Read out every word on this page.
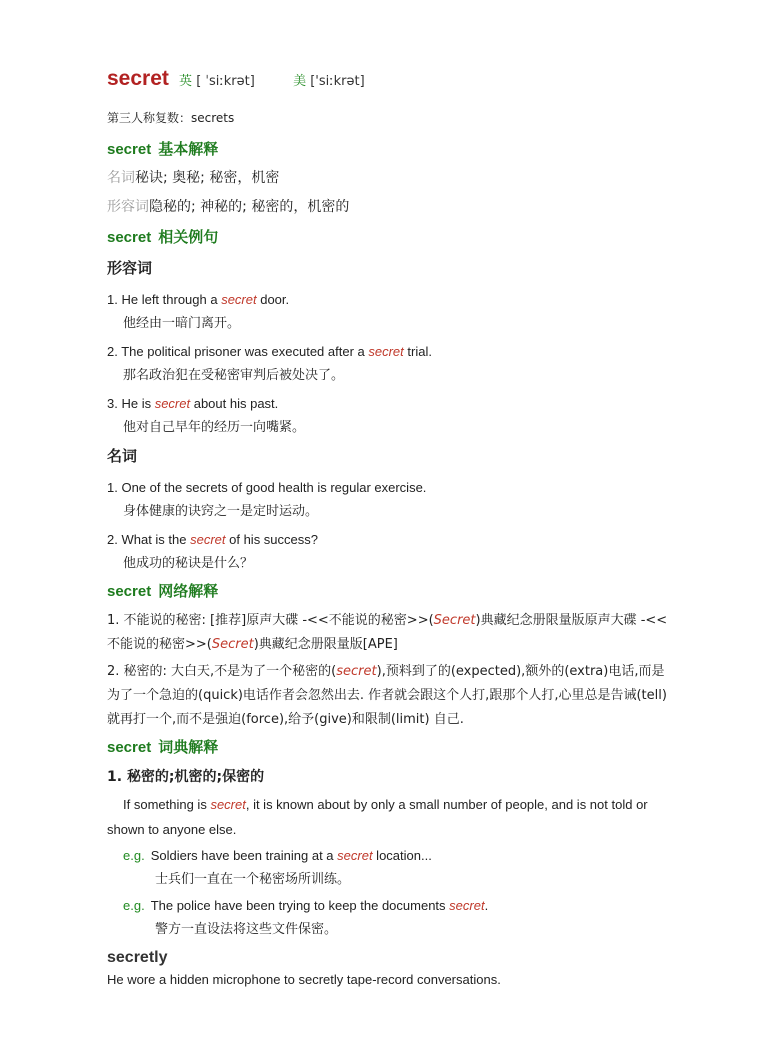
secret 英 [ ˈsiːkrət]	美 ['siːkrət]
第三人称复数：secrets
secret 基本解释
名词秘诀; 奥秘; 秘密，机密
形容词隐秘的; 神秘的; 秘密的，机密的
secret 相关例句
形容词
1. He left through a secret door.
他经由一暗门离开。
2. The political prisoner was executed after a secret trial.
那名政治犯在受秘密审判后被处决了。
3. He is secret about his past.
他对自己早年的经历一向嘴紧。
名词
1. One of the secrets of good health is regular exercise.
身体健康的诀窍之一是定时运动。
2. What is the secret of his success?
他成功的秘诀是什么？
secret 网络解释
1. 不能说的秘密: [推荐]原声大碟 -<<不能说的秘密>>(Secret)典藏纪念册限量版原声大碟 -<<不能说的秘密>>(Secret)典藏纪念册限量版[APE]
2. 秘密的: 大白天,不是为了一个秘密的(secret),预料到了的(expected),额外的(extra)电话,而是为了一个急迫的(quick)电话作者会忽然出去. 作者就会跟这个人打,跟那个人打,心里总是告诫(tell) 就再打一个,而不是强迫(force),给予(give)和限制(limit) 自己.
secret 词典解释
1. 秘密的;机密的;保密的
If something is secret, it is known about by only a small number of people, and is not told or shown to anyone else.
e.g. Soldiers have been training at a secret location...
士兵们一直在一个秘密场所训练。
e.g. The police have been trying to keep the documents secret.
警方一直设法将这些文件保密。
secretly
He wore a hidden microphone to secretly tape-record conversations.
